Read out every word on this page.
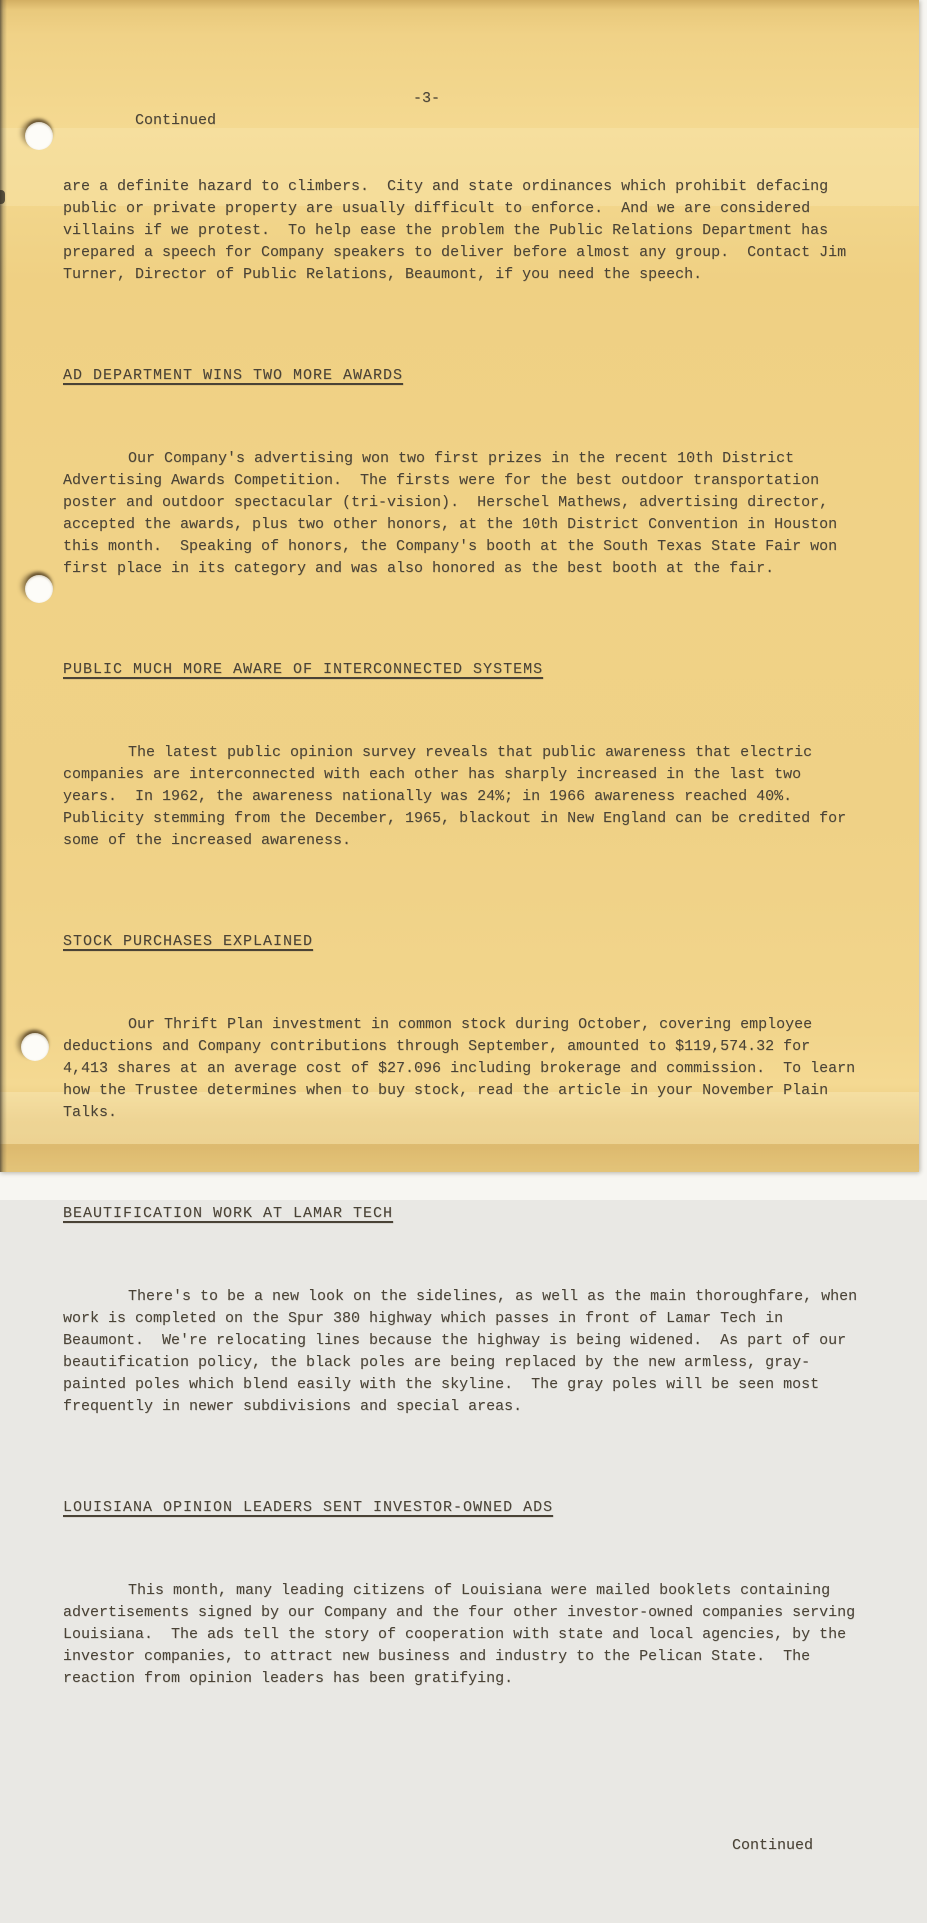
Continued

-3-

are a definite hazard to climbers.  City and state ordinances which prohibit defacing public or private property are usually difficult to enforce.  And we are considered villains if we protest.  To help ease the problem the Public Relations Department has prepared a speech for Company speakers to deliver before almost any group.  Contact Jim Turner, Director of Public Relations, Beaumont, if you need the speech.

AD DEPARTMENT WINS TWO MORE AWARDS

Our Company's advertising won two first prizes in the recent 10th District Advertising Awards Competition.  The firsts were for the best outdoor transportation poster and outdoor spectacular (tri-vision).  Herschel Mathews, advertising director, accepted the awards, plus two other honors, at the 10th District Convention in Houston this month.  Speaking of honors, the Company's booth at the South Texas State Fair won first place in its category and was also honored as the best booth at the fair.

PUBLIC MUCH MORE AWARE OF INTERCONNECTED SYSTEMS

The latest public opinion survey reveals that public awareness that electric companies are interconnected with each other has sharply increased in the last two years.  In 1962, the awareness nationally was 24%; in 1966 awareness reached 40%.  Publicity stemming from the December, 1965, blackout in New England can be credited for some of the increased awareness.

STOCK PURCHASES EXPLAINED

Our Thrift Plan investment in common stock during October, covering employee deductions and Company contributions through September, amounted to $119,574.32 for 4,413 shares at an average cost of $27.096 including brokerage and commission.  To learn how the Trustee determines when to buy stock, read the article in your November Plain Talks.

BEAUTIFICATION WORK AT LAMAR TECH

There's to be a new look on the sidelines, as well as the main thoroughfare, when work is completed on the Spur 380 highway which passes in front of Lamar Tech in Beaumont.  We're relocating lines because the highway is being widened.  As part of our beautification policy, the black poles are being replaced by the new armless, gray-painted poles which blend easily with the skyline.  The gray poles will be seen most frequently in newer subdivisions and special areas.

LOUISIANA OPINION LEADERS SENT INVESTOR-OWNED ADS

This month, many leading citizens of Louisiana were mailed booklets containing advertisements signed by our Company and the four other investor-owned companies serving Louisiana.  The ads tell the story of cooperation with state and local agencies, by the investor companies, to attract new business and industry to the Pelican State.  The reaction from opinion leaders has been gratifying.

Continued
